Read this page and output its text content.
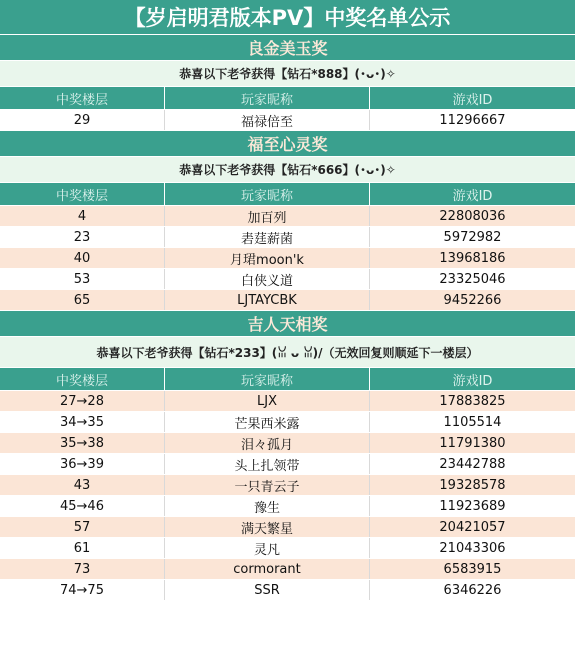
【岁启明君版本PV】中奖名单公示
良金美玉奖
恭喜以下老爷获得【钻石*888】(･ᴗ･)✧
中奖楼层	玩家昵称	游戏ID
29	福禄倍至	11296667
福至心灵奖
恭喜以下老爷获得【钻石*666】(･ᴗ･)✧
中奖楼层	玩家昵称	游戏ID
4	加百列	22808036
23	砉莛薪菌	5972982
40	月珺moon'k	13968186
53	白侠义道	23325046
65	LJTAYCBK	9452266
吉人天相奖
恭喜以下老爷获得【钻石*233】(ꈍ ᴗ ꈍ)/（无效回复则顺延下一楼层）
中奖楼层	玩家昵称	游戏ID
27→28	LJX	17883825
34→35	芒果西米露	1105514
35→38	泪々孤月	11791380
36→39	头上扎领带	23442788
43	一只青云子	19328578
45→46	豫生	11923689
57	满天繁星	20421057
61	灵凡	21043306
73	cormorant	6583915
74→75	SSR	6346226
